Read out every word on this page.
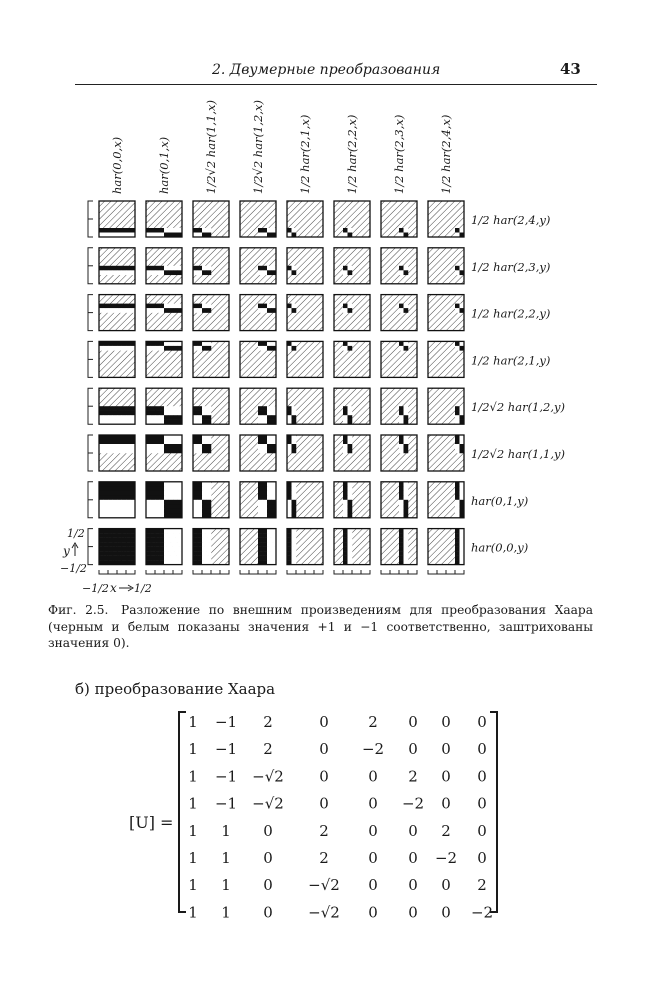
2. Двумерные преобразования	43
har(0,0,x)	har(0,1,x)	1/2√2 har(1,1,x)	1/2√2 har(1,2,x)	1/2 har(2,1,x)	1/2 har(2,2,x)	1/2 har(2,3,x)	1/2 har(2,4,x)
1/2 har(2,4,y)
1/2 har(2,3,y)
1/2 har(2,2,y)
1/2 har(2,1,y)
1/2√2 har(1,2,y)
1/2√2 har(1,1,y)
har(0,1,y)
har(0,0,y)
1/2
y
−1/2
−1/2 x 1/2
Фиг. 2.5. Разложение по внешним произведениям для преобразования Хаара (черным и белым показаны значения +1 и −1 соответственно, заштрихованы значения 0).
б) преобразование Хаара
[U] =
1 −1 2	0	2 0 0 0
1 −1 2	0 −2 0 0 0
1 −1 −√2 0	0 2 0 0
1 −1 −√2 0	0 −2 0 0
1 1 0	2	0 0 2 0
1 1 0	2	0 0 −2 0
1 1 0 −√2 0 0 0 2
1 1 0 −√2 0 0 0 −2
